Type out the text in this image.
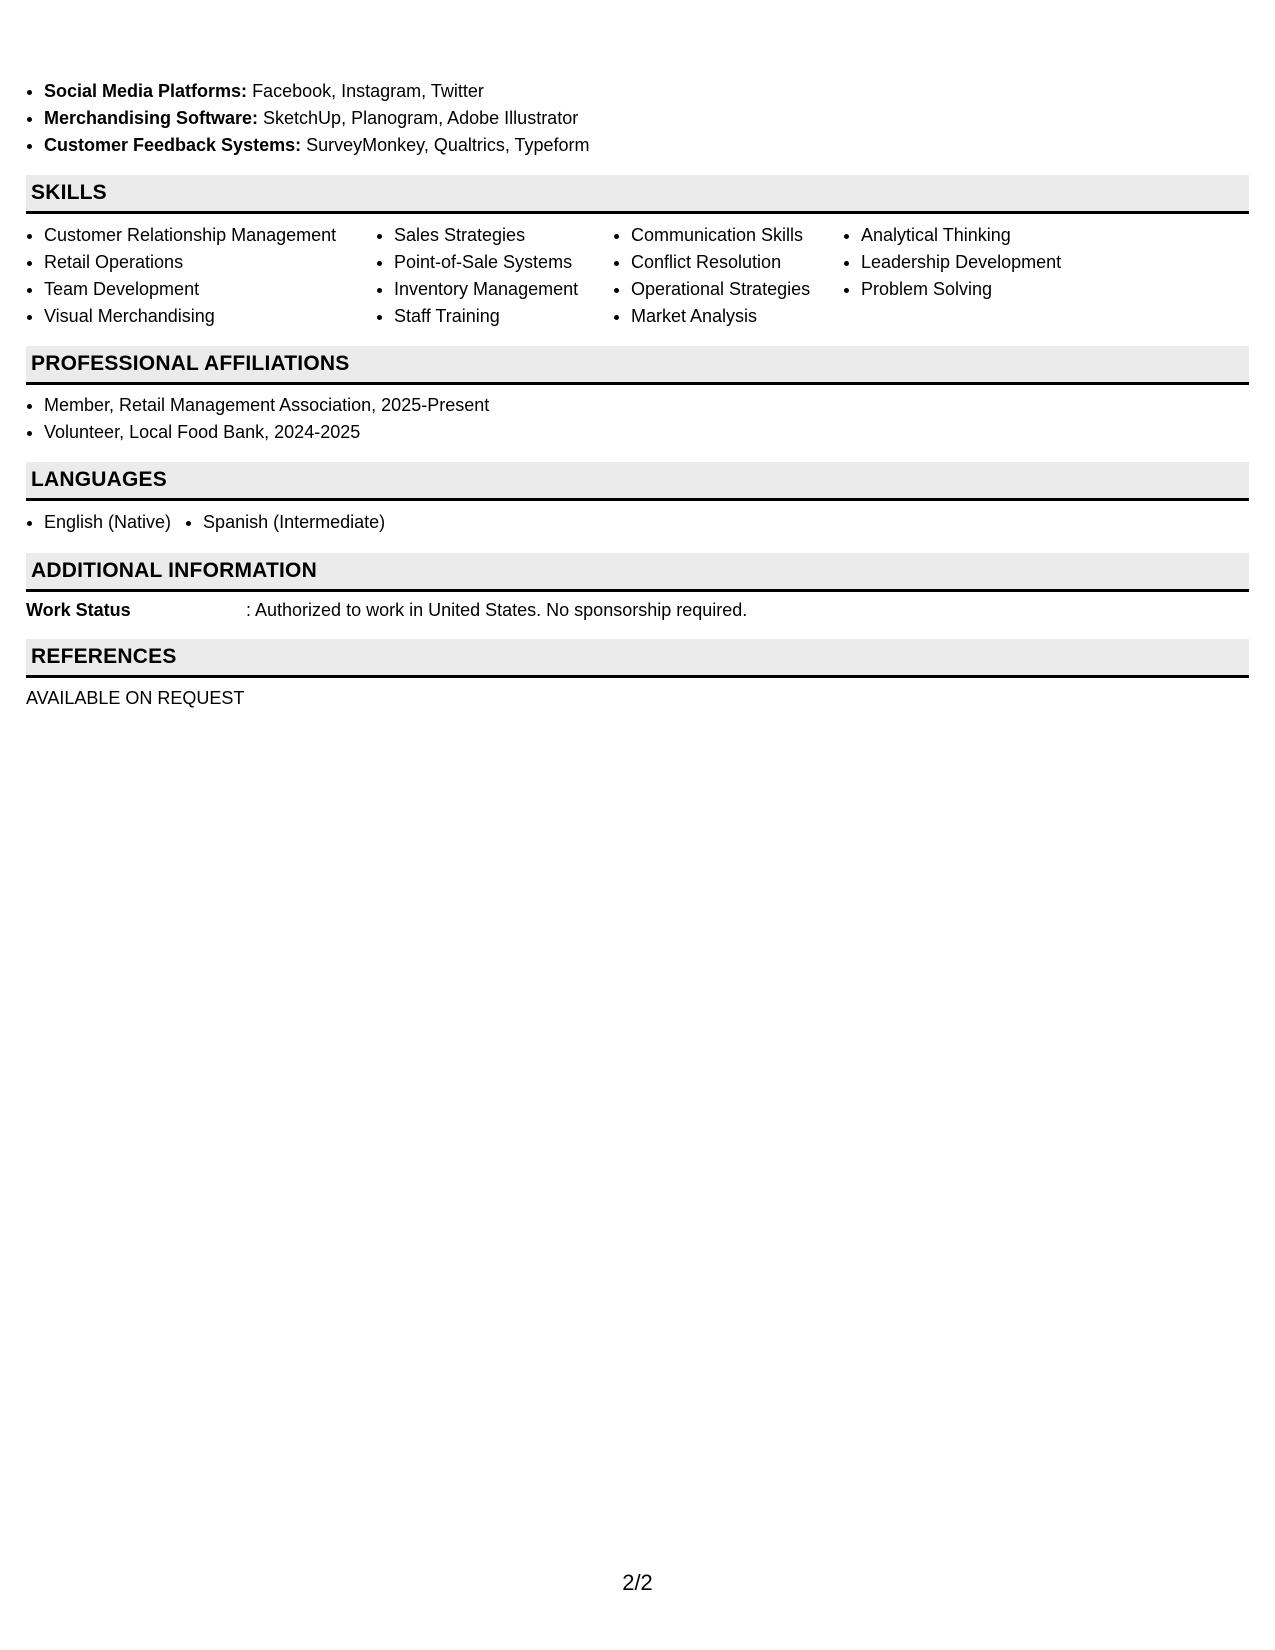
• Social Media Platforms: Facebook, Instagram, Twitter
• Merchandising Software: SketchUp, Planogram, Adobe Illustrator
• Customer Feedback Systems: SurveyMonkey, Qualtrics, Typeform
SKILLS
• Customer Relationship Management
• Retail Operations
• Team Development
• Visual Merchandising
• Sales Strategies
• Point-of-Sale Systems
• Inventory Management
• Staff Training
• Communication Skills
• Conflict Resolution
• Operational Strategies
• Market Analysis
• Analytical Thinking
• Leadership Development
• Problem Solving
PROFESSIONAL AFFILIATIONS
• Member, Retail Management Association, 2025-Present
• Volunteer, Local Food Bank, 2024-2025
LANGUAGES
• English (Native)
• Spanish (Intermediate)
ADDITIONAL INFORMATION
Work Status	: Authorized to work in United States. No sponsorship required.
REFERENCES
AVAILABLE ON REQUEST
2/2
